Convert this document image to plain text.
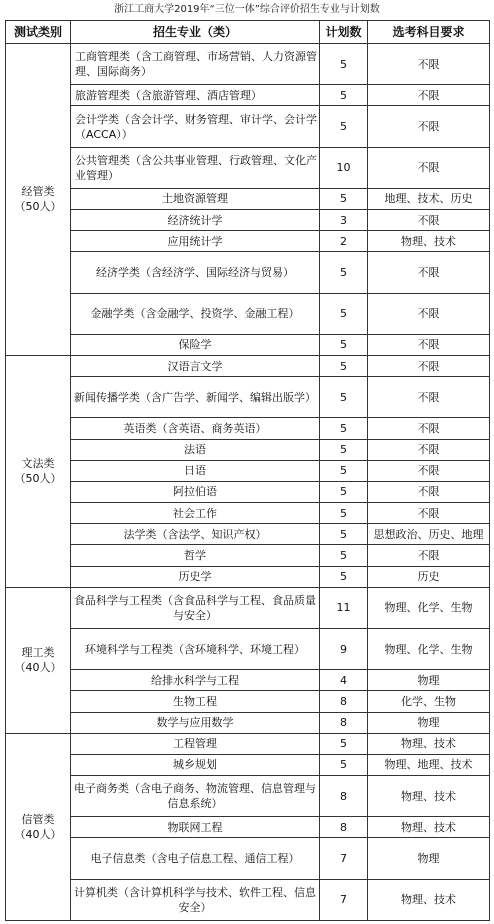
浙江工商大学2019年“三位一体”综合评价招生专业与计划数
测试类别	招生专业（类）	计划数	选考科目要求

经管类
（50人）	工商管理类（含工商管理、市场营销、人力资源管理、国际商务）	5	不限
	旅游管理类（含旅游管理、酒店管理）	5	不限
	会计学类（含会计学、财务管理、审计学、会计学（ACCA））	5	不限
	公共管理类（含公共事业管理、行政管理、文化产业管理）	10	不限
	土地资源管理	5	地理、技术、历史
	经济统计学	3	不限
	应用统计学	2	物理、技术
	经济学类（含经济学、国际经济与贸易）	5	不限
	金融学类（含金融学、投资学、金融工程）	5	不限
	保险学	5	不限

文法类
（50人）	汉语言文学	5	不限
	新闻传播学类（含广告学、新闻学、编辑出版学）	5	不限
	英语类（含英语、商务英语）	5	不限
	法语	5	不限
	日语	5	不限
	阿拉伯语	5	不限
	社会工作	5	不限
	法学类（含法学、知识产权）	5	思想政治、历史、地理
	哲学	5	不限
	历史学	5	历史

理工类
（40人）	食品科学与工程类（含食品科学与工程、食品质量与安全）	11	物理、化学、生物
	环境科学与工程类（含环境科学、环境工程）	9	物理、化学、生物
	给排水科学与工程	4	物理
	生物工程	8	化学、生物
	数学与应用数学	8	物理

信管类
（40人）	工程管理	5	物理、技术
	城乡规划	5	物理、地理、技术
	电子商务类（含电子商务、物流管理、信息管理与信息系统）	8	物理、技术
	物联网工程	8	物理、技术
	电子信息类（含电子信息工程、通信工程）	7	物理
	计算机类（含计算机科学与技术、软件工程、信息安全）	7	物理、技术
